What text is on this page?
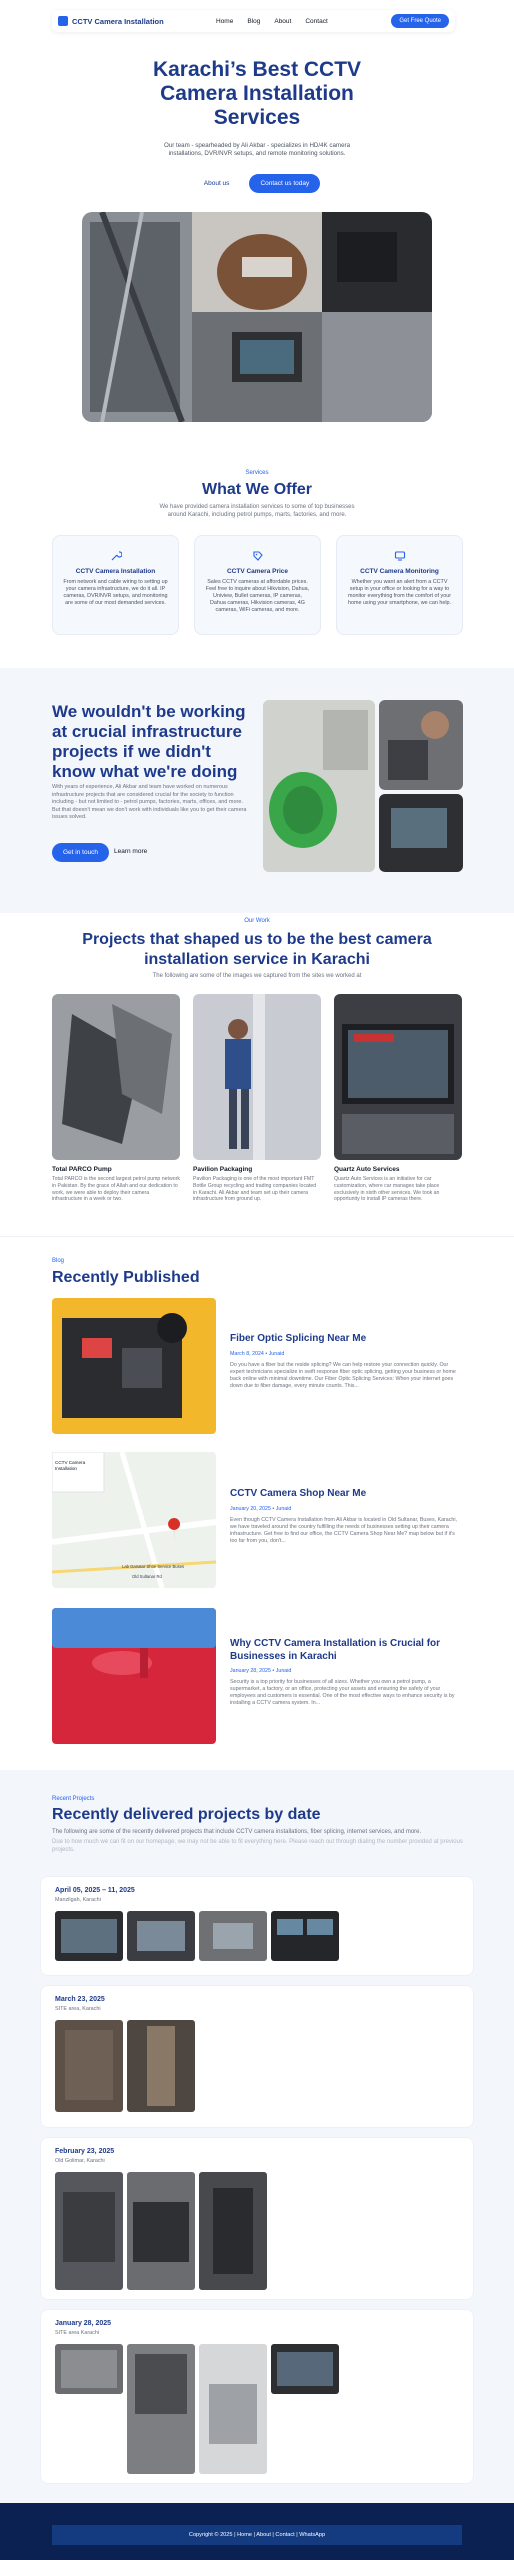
CCTV Camera Installation	Home Blog About Contact	Get Free Quote
Karachi’s Best CCTV Camera Installation Services
Our team - spearheaded by Ali Akbar - specializes in HD/4K camera installations, DVR/NVR setups, and remote monitoring solutions.
About us	Contact us today
Services
What We Offer
We have provided camera installation services to some of top businesses around Karachi, including petrol pumps, marts, factories, and more.
CCTV Camera Installation

From network and cable wiring to setting up your camera infrastructure, we do it all. IP cameras, DVR/NVR setups, and monitoring are some of our most demanded services.

CCTV Camera Price

Sales CCTV cameras at affordable prices. Feel free to inquire about Hikvision, Dahua, Uniview, Bullet cameras, IP cameras, Dahua cameras, Hikvision cameras, 4G cameras, WiFi cameras, and more.

CCTV Camera Monitoring

Whether you want an alert from a CCTV setup in your office or looking for a way to monitor everything from the comfort of your home using your smartphone, we can help.

We wouldn't be working at crucial infrastructure projects if we didn't know what we're doing
With years of experience, Ali Akbar and team have worked on numerous infrastructure projects that are considered crucial for the society to function including - but not limited to - petrol pumps, factories, marts, offices, and more. But that doesn't mean we don't work with individuals like you to get their camera issues solved.
Get in touch	Learn more
Our Work
Projects that shaped us to be the best camera installation service in Karachi
The following are some of the images we captured from the sites we worked at
Total PARCO Pump

Total PARCO is the second largest petrol pump network in Pakistan. By the grace of Allah and our dedication to work, we were able to deploy their camera infrastructure in a week or two.

Pavilion Packaging

Pavilion Packaging is one of the most important FMT Bottle Group recycling and trading companies located in Karachi. Ali Akbar and team set up their camera infrastructure from ground up.

Quartz Auto Services

Quartz Auto Services is an initiative for car customization, where car manages take place exclusively in sixth other services. We took an opportunity to install IP cameras there.

Blog
Recently Published
Fiber Optic Splicing Near Me
March 8, 2024 • Junaid
Do you have a fiber but the reside splicing? We can help restore your connection quickly. Our expert technicians specialize in swift response fiber optic splicing, getting your business or home back online with minimal downtime. Our Fiber Optic Splicing Services: When your internet goes down due to fiber damage, every minute counts. This...
CCTV Camera Installation
Lab Ganatar Shoe Service Buses
Old Sultanar Rd
CCTV Camera Shop Near Me
January 20, 2025 • Junaid
Even though CCTV Camera Installation from Ali Akbar is located in Old Sultanar, Buses, Karachi, we have traveled around the country fulfilling the needs of businesses setting up their camera infrastructure. Get free to find our office, the CCTV Camera Shop Near Me? map below but if it's too far from you, don't...
Why CCTV Camera Installation is Crucial for Businesses in Karachi
January 28, 2025 • Junaid
Security is a top priority for businesses of all sizes. Whether you own a petrol pump, a supermarket, a factory, or an office, protecting your assets and ensuring the safety of your employees and customers is essential. One of the most effective ways to enhance security is by installing a CCTV camera system. In...
Recent Projects
Recently delivered projects by date
The following are some of the recently delivered projects that include CCTV camera installations, fiber splicing, internet services, and more.
Due to how much we can fit on our homepage, we may not be able to fit everything here. Please reach out through dialing the number provided at previous projects.
April 05, 2025 – 11, 2025
Manzilgah, Karachi
March 23, 2025
SITE area, Karachi
February 23, 2025
Old Golimar, Karachi
January 28, 2025
SITE area Karachi
Copyright © 2025 | Home | About | Contact | WhatsApp
